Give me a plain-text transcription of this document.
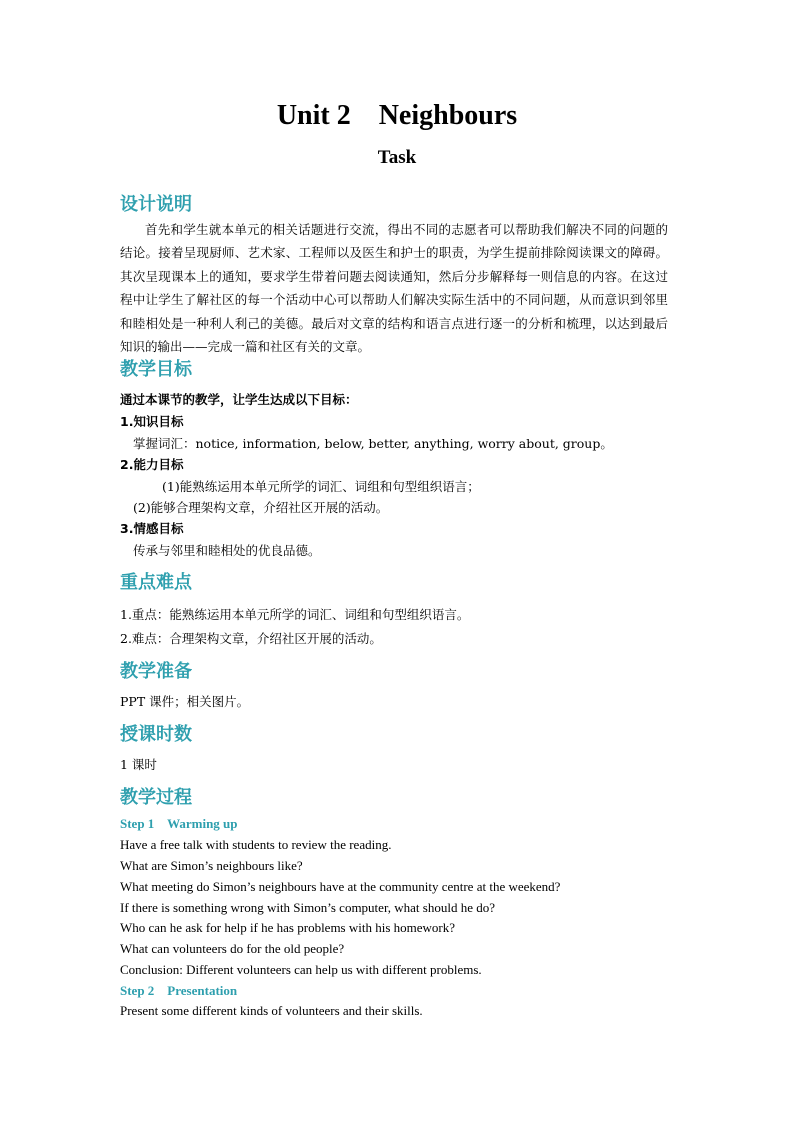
Unit 2    Neighbours
Task
设计说明
首先和学生就本单元的相关话题进行交流，得出不同的志愿者可以帮助我们解决不同的问题的结论。接着呈现厨师、艺术家、工程师以及医生和护士的职责，为学生提前排除阅读课文的障碍。其次呈现课本上的通知，要求学生带着问题去阅读通知，然后分步解释每一则信息的内容。在这过程中让学生了解社区的每一个活动中心可以帮助人们解决实际生活中的不同问题，从而意识到邻里和睦相处是一种利人利己的美德。最后对文章的结构和语言点进行逐一的分析和梳理，以达到最后知识的输出——完成一篇和社区有关的文章。
教学目标
通过本课节的教学，让学生达成以下目标：
1.知识目标
掌握词汇：notice, information, below, better, anything, worry about, group。
2.能力目标
(1)能熟练运用本单元所学的词汇、词组和句型组织语言；
(2)能够合理架构文章，介绍社区开展的活动。
3.情感目标
传承与邻里和睦相处的优良品德。
重点难点
1.重点：能熟练运用本单元所学的词汇、词组和句型组织语言。
2.难点：合理架构文章，介绍社区开展的活动。
教学准备
PPT 课件；相关图片。
授课时数
1 课时
教学过程
Step 1    Warming up
Have a free talk with students to review the reading.
What are Simon’s neighbours like?
What meeting do Simon’s neighbours have at the community centre at the weekend?
If there is something wrong with Simon’s computer, what should he do?
Who can he ask for help if he has problems with his homework?
What can volunteers do for the old people?
Conclusion: Different volunteers can help us with different problems.
Step 2    Presentation
Present some different kinds of volunteers and their skills.
